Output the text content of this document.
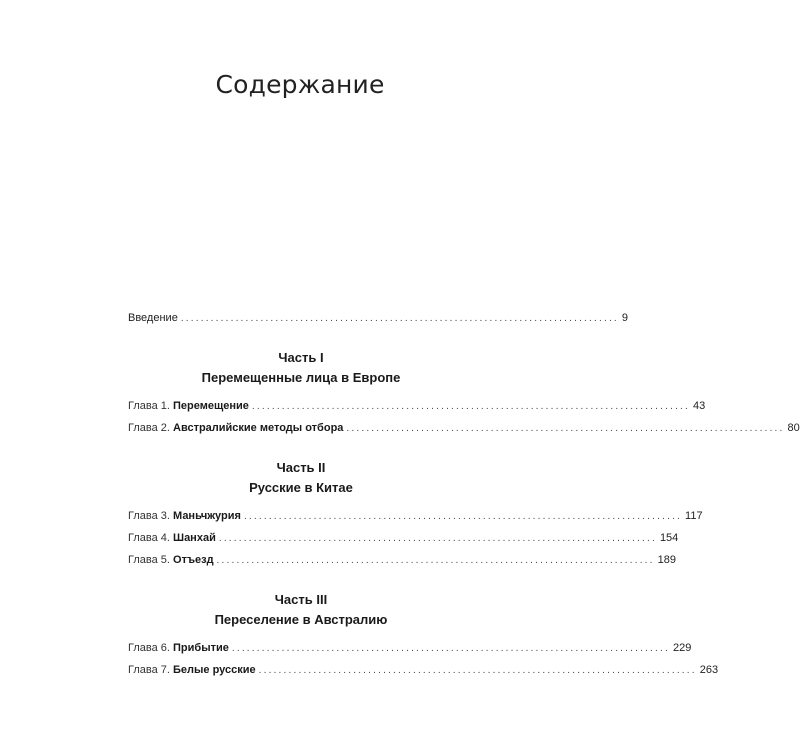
Содержание
Введение ........................................................................................ 9
Часть I
Перемещенные лица в Европе
Глава 1. Перемещение ........................................................................................ 43
Глава 2. Австралийские методы отбора ........................................................................................ 80
Часть II
Русские в Китае
Глава 3. Маньчжурия ........................................................................................ 117
Глава 4. Шанхай ........................................................................................ 154
Глава 5. Отъезд ........................................................................................ 189
Часть III
Переселение в Австралию
Глава 6. Прибытие ........................................................................................ 229
Глава 7. Белые русские ........................................................................................ 263
